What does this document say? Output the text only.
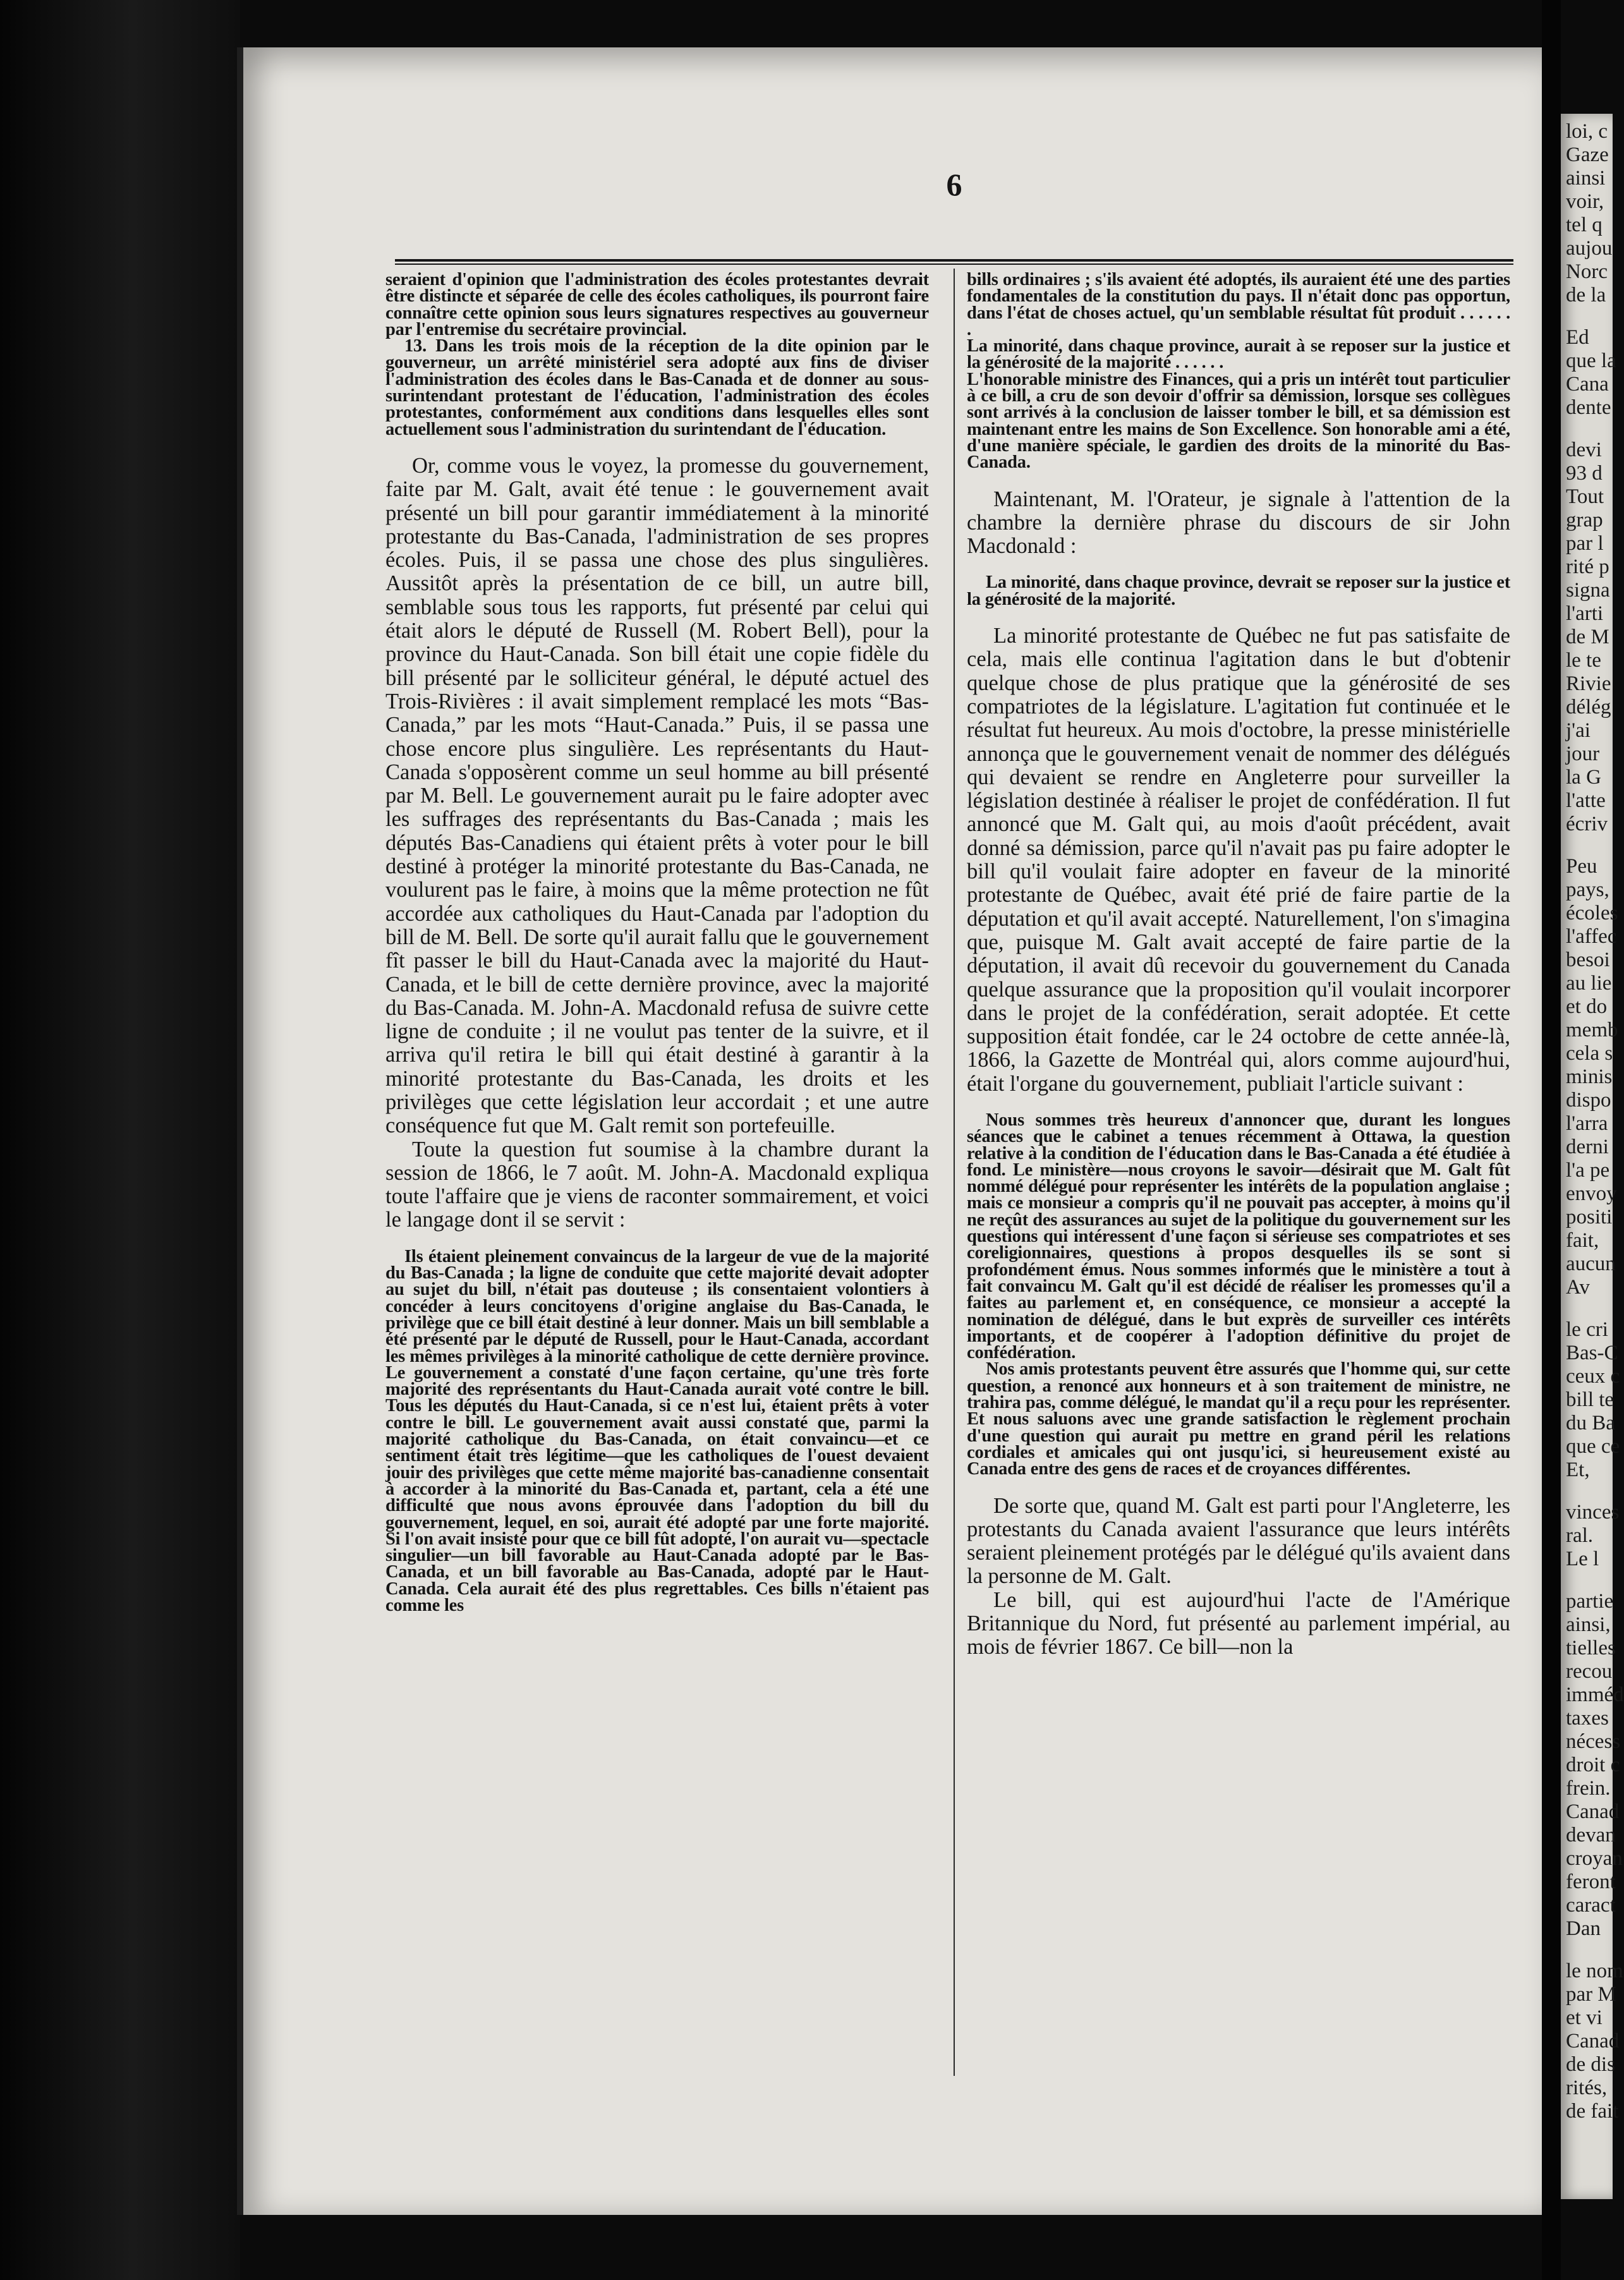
6

seraient d'opinion que l'administration des écoles protestantes devrait être distincte et séparée de celle des écoles catholiques, ils pourront faire connaître cette opinion sous leurs signatures respectives au gouverneur par l'entremise du secrétaire provincial.

13. Dans les trois mois de la réception de la dite opinion par le gouverneur, un arrêté ministériel sera adopté aux fins de diviser l'administration des écoles dans le Bas-Canada et de donner au sous-surintendant protestant de l'éducation, l'administration des écoles protestantes, conformément aux conditions dans lesquelles elles sont actuellement sous l'administration du surintendant de l'éducation.

Or, comme vous le voyez, la promesse du gouvernement, faite par M. Galt, avait été tenue : le gouvernement avait présenté un bill pour garantir immédiatement à la minorité protestante du Bas-Canada, l'administration de ses propres écoles. Puis, il se passa une chose des plus singulières. Aussitôt après la présentation de ce bill, un autre bill, semblable sous tous les rapports, fut présenté par celui qui était alors le député de Russell (M. Robert Bell), pour la province du Haut-Canada. Son bill était une copie fidèle du bill présenté par le solliciteur général, le député actuel des Trois-Rivières : il avait simplement remplacé les mots “Bas-Canada,” par les mots “Haut-Canada.” Puis, il se passa une chose encore plus singulière. Les représentants du Haut-Canada s'opposèrent comme un seul homme au bill présenté par M. Bell. Le gouvernement aurait pu le faire adopter avec les suffrages des représentants du Bas-Canada ; mais les députés Bas-Canadiens qui étaient prêts à voter pour le bill destiné à protéger la minorité protestante du Bas-Canada, ne voulurent pas le faire, à moins que la même protection ne fût accordée aux catholiques du Haut-Canada par l'adoption du bill de M. Bell. De sorte qu'il aurait fallu que le gouvernement fît passer le bill du Haut-Canada avec la majorité du Haut-Canada, et le bill de cette dernière province, avec la majorité du Bas-Canada. M. John-A. Macdonald refusa de suivre cette ligne de conduite ; il ne voulut pas tenter de la suivre, et il arriva qu'il retira le bill qui était destiné à garantir à la minorité protestante du Bas-Canada, les droits et les privilèges que cette législation leur accordait ; et une autre conséquence fut que M. Galt remit son portefeuille.

Toute la question fut soumise à la chambre durant la session de 1866, le 7 août. M. John-A. Macdonald expliqua toute l'affaire que je viens de raconter sommairement, et voici le langage dont il se servit :

Ils étaient pleinement convaincus de la largeur de vue de la majorité du Bas-Canada ; la ligne de conduite que cette majorité devait adopter au sujet du bill, n'était pas douteuse ; ils consentaient volontiers à concéder à leurs concitoyens d'origine anglaise du Bas-Canada, le privilège que ce bill était destiné à leur donner. Mais un bill semblable a été présenté par le député de Russell, pour le Haut-Canada, accordant les mêmes privilèges à la minorité catholique de cette dernière province. Le gouvernement a constaté d'une façon certaine, qu'une très forte majorité des représentants du Haut-Canada aurait voté contre le bill. Tous les députés du Haut-Canada, si ce n'est lui, étaient prêts à voter contre le bill. Le gouvernement avait aussi constaté que, parmi la majorité catholique du Bas-Canada, on était convaincu—et ce sentiment était très légitime—que les catholiques de l'ouest devaient jouir des privilèges que cette même majorité bas-canadienne consentait à accorder à la minorité du Bas-Canada et, partant, cela a été une difficulté que nous avons éprouvée dans l'adoption du bill du gouvernement, lequel, en soi, aurait été adopté par une forte majorité. Si l'on avait insisté pour que ce bill fût adopté, l'on aurait vu—spectacle singulier—un bill favorable au Haut-Canada adopté par le Bas-Canada, et un bill favorable au Bas-Canada, adopté par le Haut-Canada. Cela aurait été des plus regrettables. Ces bills n'étaient pas comme les

bills ordinaires ; s'ils avaient été adoptés, ils auraient été une des parties fondamentales de la constitution du pays. Il n'était donc pas opportun, dans l'état de choses actuel, qu'un semblable résultat fût produit . . . . . . .

La minorité, dans chaque province, aurait à se reposer sur la justice et la générosité de la majorité . . . . . .

L'honorable ministre des Finances, qui a pris un intérêt tout particulier à ce bill, a cru de son devoir d'offrir sa démission, lorsque ses collègues sont arrivés à la conclusion de laisser tomber le bill, et sa démission est maintenant entre les mains de Son Excellence. Son honorable ami a été, d'une manière spéciale, le gardien des droits de la minorité du Bas-Canada.

Maintenant, M. l'Orateur, je signale à l'attention de la chambre la dernière phrase du discours de sir John Macdonald :

La minorité, dans chaque province, devrait se reposer sur la justice et la générosité de la majorité.

La minorité protestante de Québec ne fut pas satisfaite de cela, mais elle continua l'agitation dans le but d'obtenir quelque chose de plus pratique que la générosité de ses compatriotes de la législature. L'agitation fut continuée et le résultat fut heureux. Au mois d'octobre, la presse ministérielle annonça que le gouvernement venait de nommer des délégués qui devaient se rendre en Angleterre pour surveiller la législation destinée à réaliser le projet de confédération. Il fut annoncé que M. Galt qui, au mois d'août précédent, avait donné sa démission, parce qu'il n'avait pas pu faire adopter le bill qu'il voulait faire adopter en faveur de la minorité protestante de Québec, avait été prié de faire partie de la députation et qu'il avait accepté. Naturellement, l'on s'imagina que, puisque M. Galt avait accepté de faire partie de la députation, il avait dû recevoir du gouvernement du Canada quelque assurance que la proposition qu'il voulait incorporer dans le projet de la confédération, serait adoptée. Et cette supposition était fondée, car le 24 octobre de cette année-là, 1866, la Gazette de Montréal qui, alors comme aujourd'hui, était l'organe du gouvernement, publiait l'article suivant :

Nous sommes très heureux d'annoncer que, durant les longues séances que le cabinet a tenues récemment à Ottawa, la question relative à la condition de l'éducation dans le Bas-Canada a été étudiée à fond. Le ministère—nous croyons le savoir—désirait que M. Galt fût nommé délégué pour représenter les intérêts de la population anglaise ; mais ce monsieur a compris qu'il ne pouvait pas accepter, à moins qu'il ne reçût des assurances au sujet de la politique du gouvernement sur les questions qui intéressent d'une façon si sérieuse ses compatriotes et ses coreligionnaires, questions à propos desquelles ils se sont si profondément émus. Nous sommes informés que le ministère a tout à fait convaincu M. Galt qu'il est décidé de réaliser les promesses qu'il a faites au parlement et, en conséquence, ce monsieur a accepté la nomination de délégué, dans le but exprès de surveiller ces intérêts importants, et de coopérer à l'adoption définitive du projet de confédération.

Nos amis protestants peuvent être assurés que l'homme qui, sur cette question, a renoncé aux honneurs et à son traitement de ministre, ne trahira pas, comme délégué, le mandat qu'il a reçu pour les représenter. Et nous saluons avec une grande satisfaction le règlement prochain d'une question qui aurait pu mettre en grand péril les relations cordiales et amicales qui ont jusqu'ici, si heureusement existé au Canada entre des gens de races et de croyances différentes.

De sorte que, quand M. Galt est parti pour l'Angleterre, les protestants du Canada avaient l'assurance que leurs intérêts seraient pleinement protégés par le délégué qu'ils avaient dans la personne de M. Galt.

Le bill, qui est aujourd'hui l'acte de l'Amérique Britannique du Nord, fut présenté au parlement impérial, au mois de février 1867. Ce bill—non la

loi, c
Gaze
ainsi
voir,
tel q
aujou
Norc
de la
Ed
que la
Cana
dente
devi
93 d
Tout
grap
par l
rité p
signa
l'arti
de M
le te
Rivie
délég
j'ai
jour
la G
l'atte
écriv
Peu
pays,
écoles
l'affec
besoi
au lie
et do
memb
cela s
minis
dispo
l'arra
derni
l'a pe
envoy
positi
fait,
aucun
Av
le cri
Bas-C
ceux c
bill te
du Ba
que ce
Et,
vinces
ral.
Le l
partie
ainsi,
tielles
recou
imméd
taxes
nécess
droit c
frein.
Canad
devan
croyan
feront
caract
Dan
le nom
par M
et vi
Canad
de dis
rités,
de fait
